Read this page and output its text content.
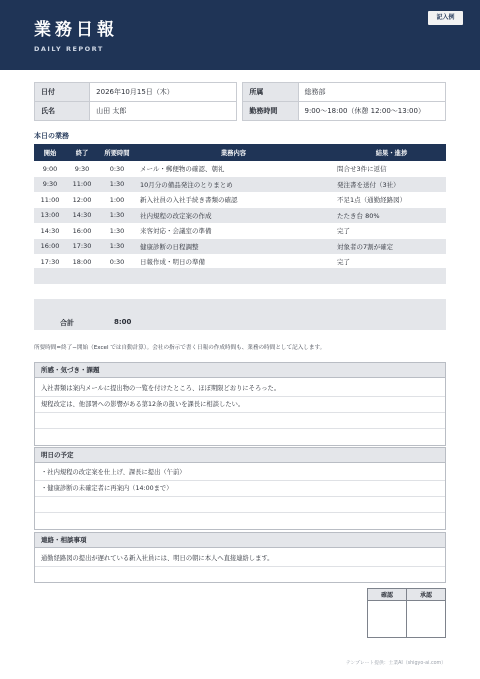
業務日報
DAILY REPORT
記入例
日付	2026年10月15日（木）		所属	総務部
氏名	山田 太郎		勤務時間	9:00〜18:00（休憩 12:00〜13:00）
本日の業務
開始	終了	所要時間	業務内容	結果・進捗
9:00	9:30	0:30	メール・郵便物の確認、朝礼	問合せ3件に返信
9:30	11:00	1:30	10月分の備品発注のとりまとめ	発注書を送付（3社）
11:00	12:00	1:00	新入社員の入社手続き書類の確認	不足1点（通勤経路図）
13:00	14:30	1:30	社内規程の改定案の作成	たたき台 80%
14:30	16:00	1:30	来客対応・会議室の準備	完了
16:00	17:30	1:30	健康診断の日程調整	対象者の7割が確定
17:30	18:00	0:30	日報作成・明日の準備	完了
合計	8:00
所要時間=終了−開始（Excel では自動計算）。会社の指示で書く日報の作成時間も、業務の時間として記入します。
所感・気づき・課題
入社書類は案内メールに提出物の一覧を付けたところ、ほぼ期限どおりにそろった。
規程改定は、他部署への影響がある第12条の扱いを課長に相談したい。
明日の予定
・社内規程の改定案を仕上げ、課長に提出（午前）
・健康診断の未確定者に再案内（14:00まで）
連絡・相談事項
通勤経路図の提出が遅れている新入社員には、明日の朝に本人へ直接連絡します。
確認	承認

テンプレート提供：士業AI（shigyo-ai.com）
